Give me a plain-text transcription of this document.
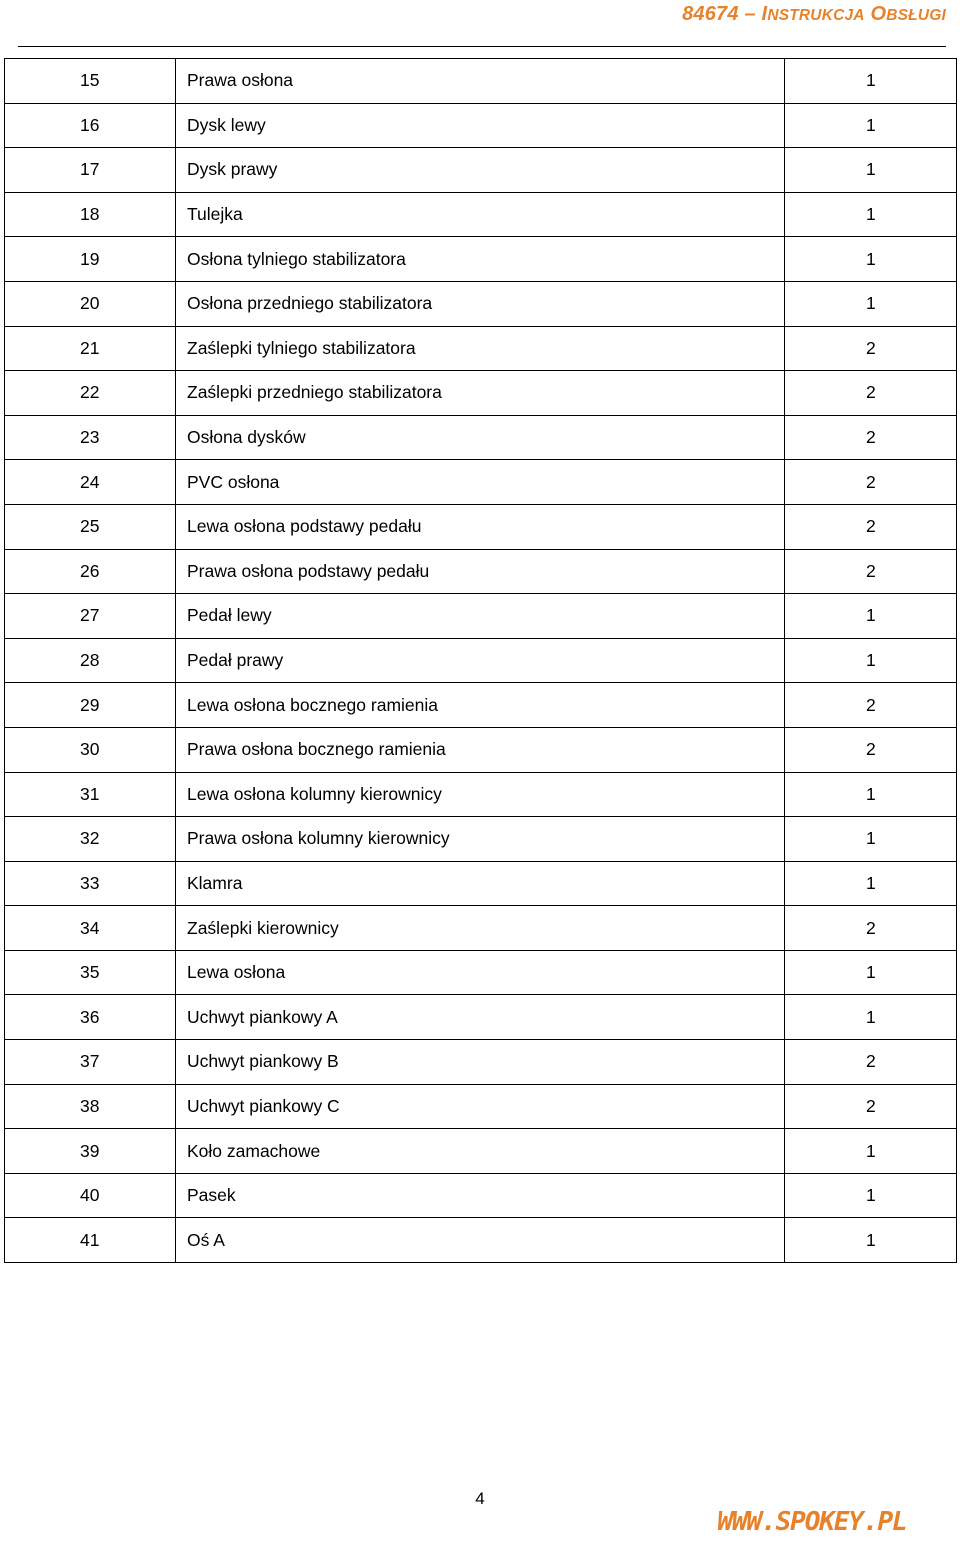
84674 – INSTRUKCJA OBSŁUGI
15	Prawa osłona	1
16	Dysk lewy	1
17	Dysk prawy	1
18	Tulejka	1
19	Osłona tylniego stabilizatora	1
20	Osłona przedniego stabilizatora	1
21	Zaślepki tylniego stabilizatora	2
22	Zaślepki przedniego stabilizatora	2
23	Osłona dysków	2
24	PVC osłona	2
25	Lewa osłona podstawy pedału	2
26	Prawa osłona podstawy pedału	2
27	Pedał lewy	1
28	Pedał prawy	1
29	Lewa osłona bocznego ramienia	2
30	Prawa osłona bocznego ramienia	2
31	Lewa osłona kolumny kierownicy	1
32	Prawa osłona kolumny kierownicy	1
33	Klamra	1
34	Zaślepki kierownicy	2
35	Lewa osłona	1
36	Uchwyt piankowy A	1
37	Uchwyt piankowy B	2
38	Uchwyt piankowy C	2
39	Koło zamachowe	1
40	Pasek	1
41	Oś A	1
4
WWW.SPOKEY.PL
